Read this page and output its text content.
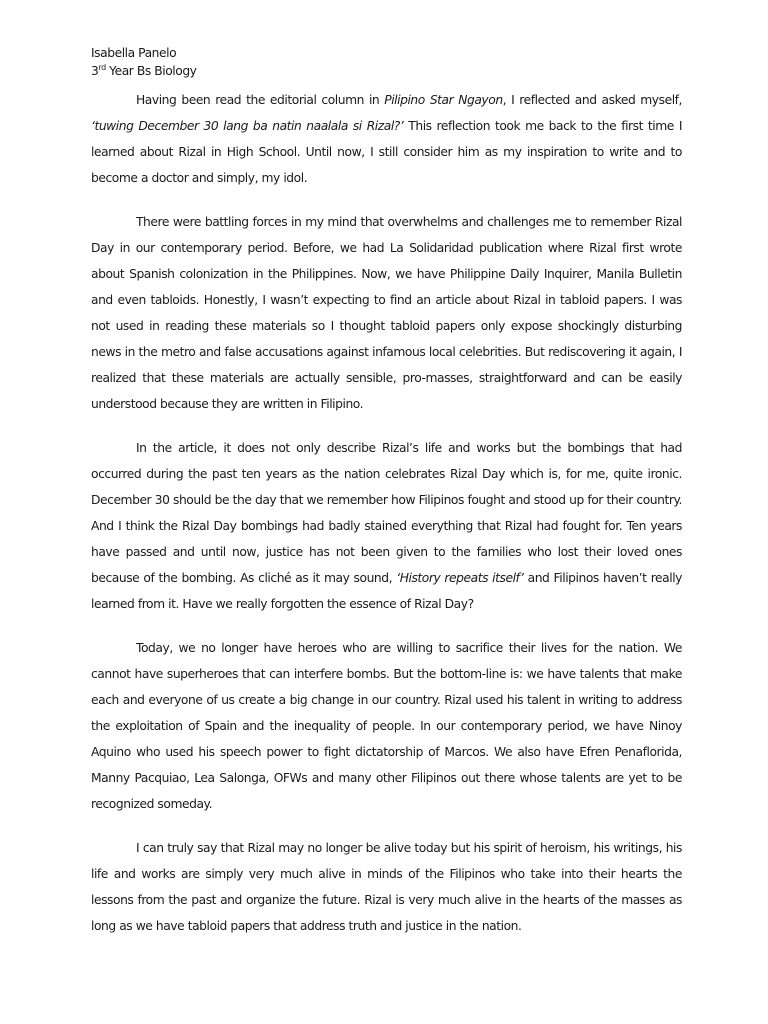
Isabella Panelo
3rd Year Bs Biology

Having been read the editorial column in Pilipino Star Ngayon, I reflected and asked myself, ‘tuwing December 30 lang ba natin naalala si Rizal?’ This reflection took me back to the first time I learned about Rizal in High School. Until now, I still consider him as my inspiration to write and to become a doctor and simply, my idol.

There were battling forces in my mind that overwhelms and challenges me to remember Rizal Day in our contemporary period. Before, we had La Solidaridad publication where Rizal first wrote about Spanish colonization in the Philippines. Now, we have Philippine Daily Inquirer, Manila Bulletin and even tabloids. Honestly, I wasn’t expecting to find an article about Rizal in tabloid papers. I was not used in reading these materials so I thought tabloid papers only expose shockingly disturbing news in the metro and false accusations against infamous local celebrities. But rediscovering it again, I realized that these materials are actually sensible, pro-masses, straightforward and can be easily understood because they are written in Filipino.

In the article, it does not only describe Rizal’s life and works but the bombings that had occurred during the past ten years as the nation celebrates Rizal Day which is, for me, quite ironic. December 30 should be the day that we remember how Filipinos fought and stood up for their country. And I think the Rizal Day bombings had badly stained everything that Rizal had fought for. Ten years have passed and until now, justice has not been given to the families who lost their loved ones because of the bombing. As cliché as it may sound, ‘History repeats itself’ and Filipinos haven’t really learned from it. Have we really forgotten the essence of Rizal Day?

Today, we no longer have heroes who are willing to sacrifice their lives for the nation. We cannot have superheroes that can interfere bombs. But the bottom-line is: we have talents that make each and everyone of us create a big change in our country. Rizal used his talent in writing to address the exploitation of Spain and the inequality of people. In our contemporary period, we have Ninoy Aquino who used his speech power to fight dictatorship of Marcos. We also have Efren Penaflorida, Manny Pacquiao, Lea Salonga, OFWs and many other Filipinos out there whose talents are yet to be recognized someday.

I can truly say that Rizal may no longer be alive today but his spirit of heroism, his writings, his life and works are simply very much alive in minds of the Filipinos who take into their hearts the lessons from the past and organize the future. Rizal is very much alive in the hearts of the masses as long as we have tabloid papers that address truth and justice in the nation.
